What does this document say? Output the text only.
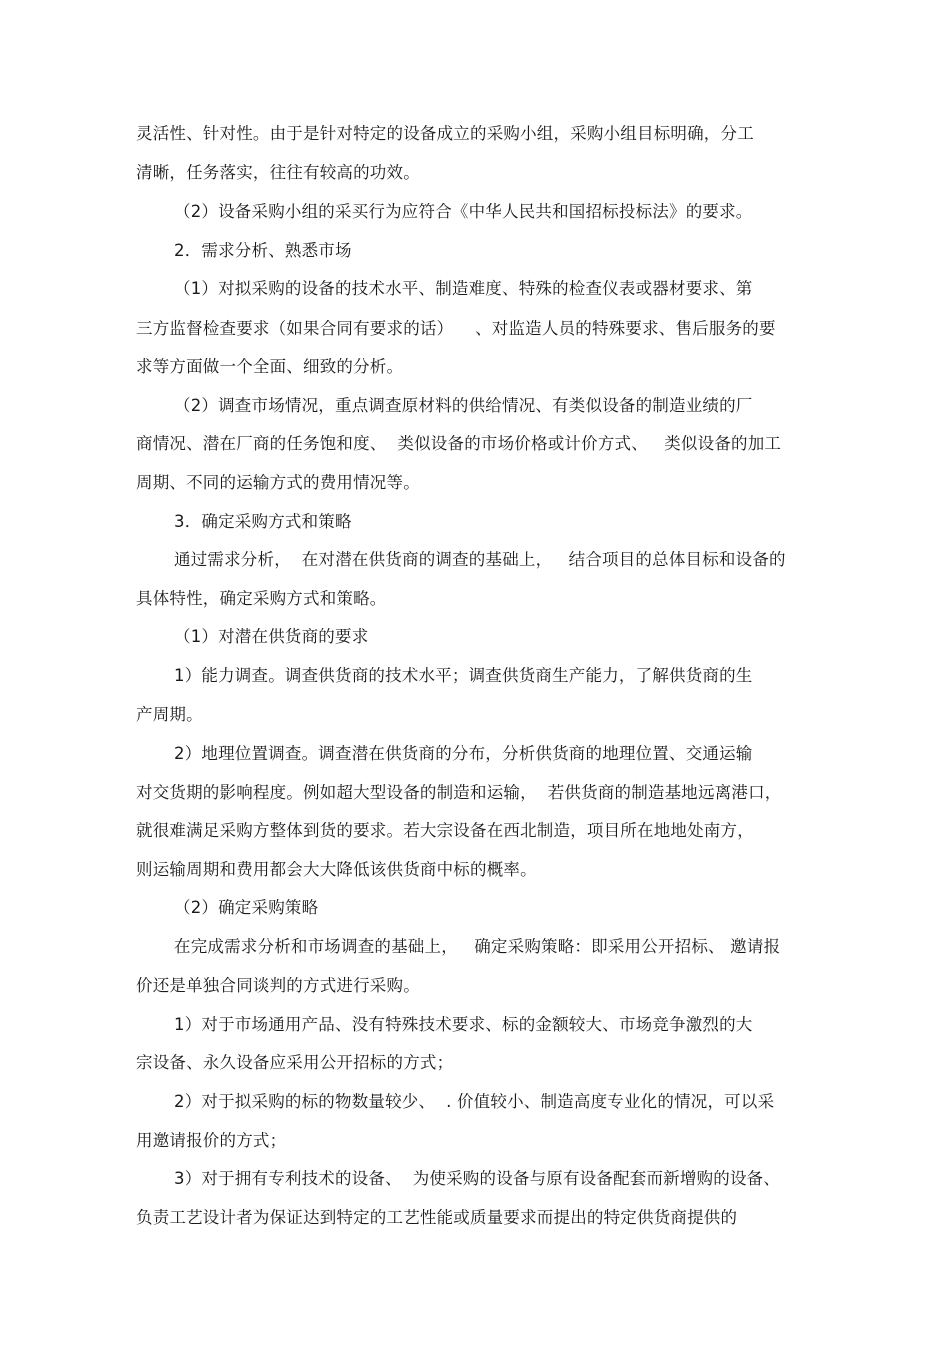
灵活性、针对性。由于是针对特定的设备成立的采购小组，采购小组目标明确，分工
清晰，任务落实，往往有较高的功效。
（2）设备采购小组的采买行为应符合《中华人民共和国招标投标法》的要求。
2．需求分析、熟悉市场
（1）对拟采购的设备的技术水平、制造难度、特殊的检查仪表或器材要求、第
三方监督检查要求（如果合同有要求的话）    、对监造人员的特殊要求、售后服务的要
求等方面做一个全面、细致的分析。
（2）调查市场情况，重点调查原材料的供给情况、有类似设备的制造业绩的厂
商情况、潜在厂商的任务饱和度、  类似设备的市场价格或计价方式、   类似设备的加工
周期、不同的运输方式的费用情况等。
3．确定采购方式和策略
通过需求分析，  在对潜在供货商的调查的基础上，   结合项目的总体目标和设备的
具体特性，确定采购方式和策略。
（1）对潜在供货商的要求
1）能力调查。调查供货商的技术水平；调查供货商生产能力，了解供货商的生
产周期。
2）地理位置调查。调查潜在供货商的分布，分析供货商的地理位置、交通运输
对交货期的影响程度。例如超大型设备的制造和运输，  若供货商的制造基地远离港口，
就很难满足采购方整体到货的要求。若大宗设备在西北制造，项目所在地地处南方，
则运输周期和费用都会大大降低该供货商中标的概率。
（2）确定采购策略
在完成需求分析和市场调查的基础上，   确定采购策略：即采用公开招标、 邀请报
价还是单独合同谈判的方式进行采购。
1）对于市场通用产品、没有特殊技术要求、标的金额较大、市场竞争激烈的大
宗设备、永久设备应采用公开招标的方式；
2）对于拟采购的标的物数量较少、  . 价值较小、制造高度专业化的情况，可以采
用邀请报价的方式；
3）对于拥有专利技术的设备、  为使采购的设备与原有设备配套而新增购的设备、
负责工艺设计者为保证达到特定的工艺性能或质量要求而提出的特定供货商提供的
